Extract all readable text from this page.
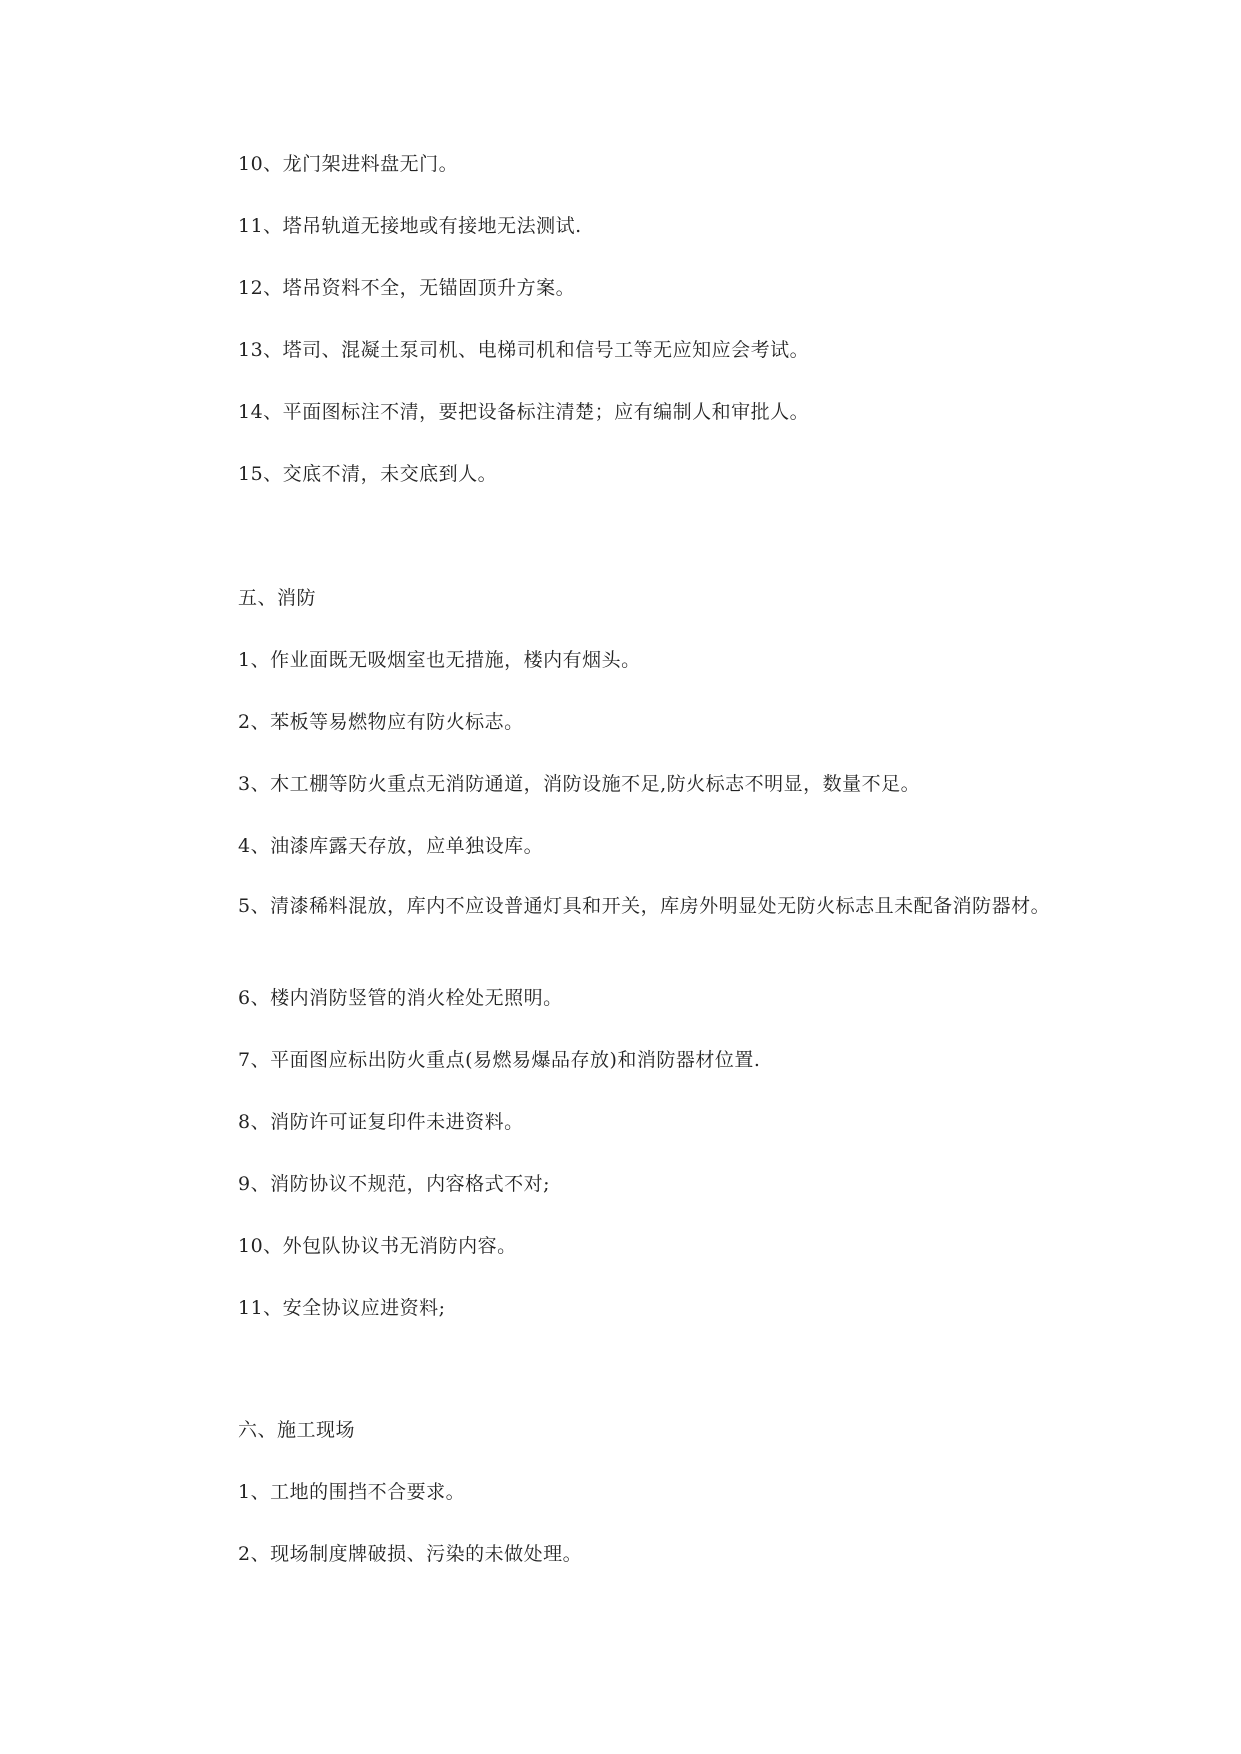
10、龙门架进料盘无门。
11、塔吊轨道无接地或有接地无法测试.
12、塔吊资料不全，无锚固顶升方案。
13、塔司、混凝土泵司机、电梯司机和信号工等无应知应会考试。
14、平面图标注不清，要把设备标注清楚；应有编制人和审批人。
15、交底不清，未交底到人。
五、消防
1、作业面既无吸烟室也无措施，楼内有烟头。
2、苯板等易燃物应有防火标志。
3、木工棚等防火重点无消防通道，消防设施不足,防火标志不明显，数量不足。
4、油漆库露天存放，应单独设库。
5、清漆稀料混放，库内不应设普通灯具和开关，库房外明显处无防火标志且未配备消防器材。
6、楼内消防竖管的消火栓处无照明。
7、平面图应标出防火重点(易燃易爆品存放)和消防器材位置.
8、消防许可证复印件未进资料。
9、消防协议不规范，内容格式不对;
10、外包队协议书无消防内容。
11、安全协议应进资料;
六、施工现场
1、工地的围挡不合要求。
2、现场制度牌破损、污染的未做处理。
